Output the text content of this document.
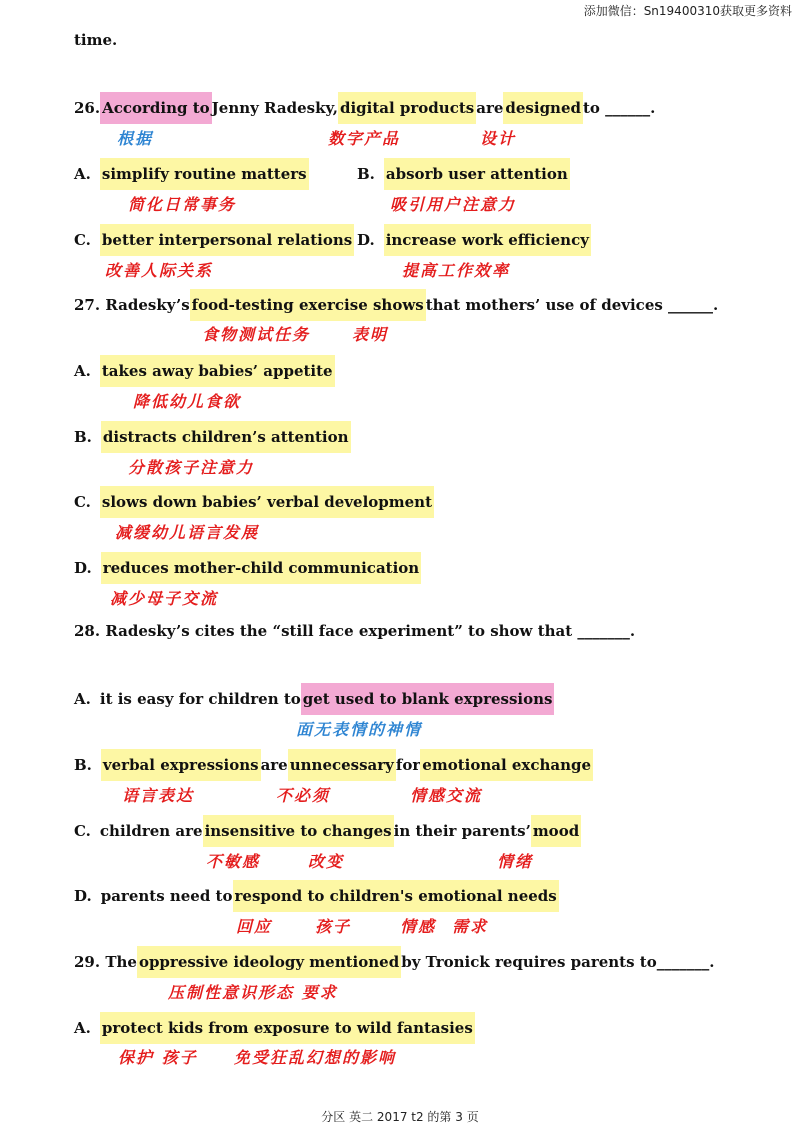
添加微信：Sn19400310获取更多资料
time.
26.According toJenny Radesky,digital productsaredesignedto ______.
根据	数字产品	设计
A. simplify routine matters	B. absorb user attention
简化日常事务	吸引用户注意力
C. better interpersonal relations D. increase work efficiency
改善人际关系	提高工作效率
27. Radesky’sfood-testing exercise showsthat mothers’ use of devices ______.
食物测试任务	表明
A. takes away babies’ appetite
降低幼儿食欲
B. distracts children’s attention
分散孩子注意力
C. slows down babies’ verbal development
减缓幼儿语言发展
D. reduces mother-child communication
减少母子交流
28. Radesky’s cites the “still face experiment” to show that _______.
A. it is easy for children toget used to blank expressions
面无表情的神情
B. verbal expressionsareunnecessaryforemotional exchange
语言表达	不必须	情感交流
C. children areinsensitive to changesin their parents’mood
不敏感	改变	情绪
D. parents need torespond to children's emotional needs
回应	孩子	情感 需求
29. Theoppressive ideology mentionedby Tronick requires parents to_______.
压制性意识形态 要求
A. protect kids from exposure to wild fantasies
保护 孩子 免受狂乱幻想的影响
分区 英二 2017 t2 的第 3 页
